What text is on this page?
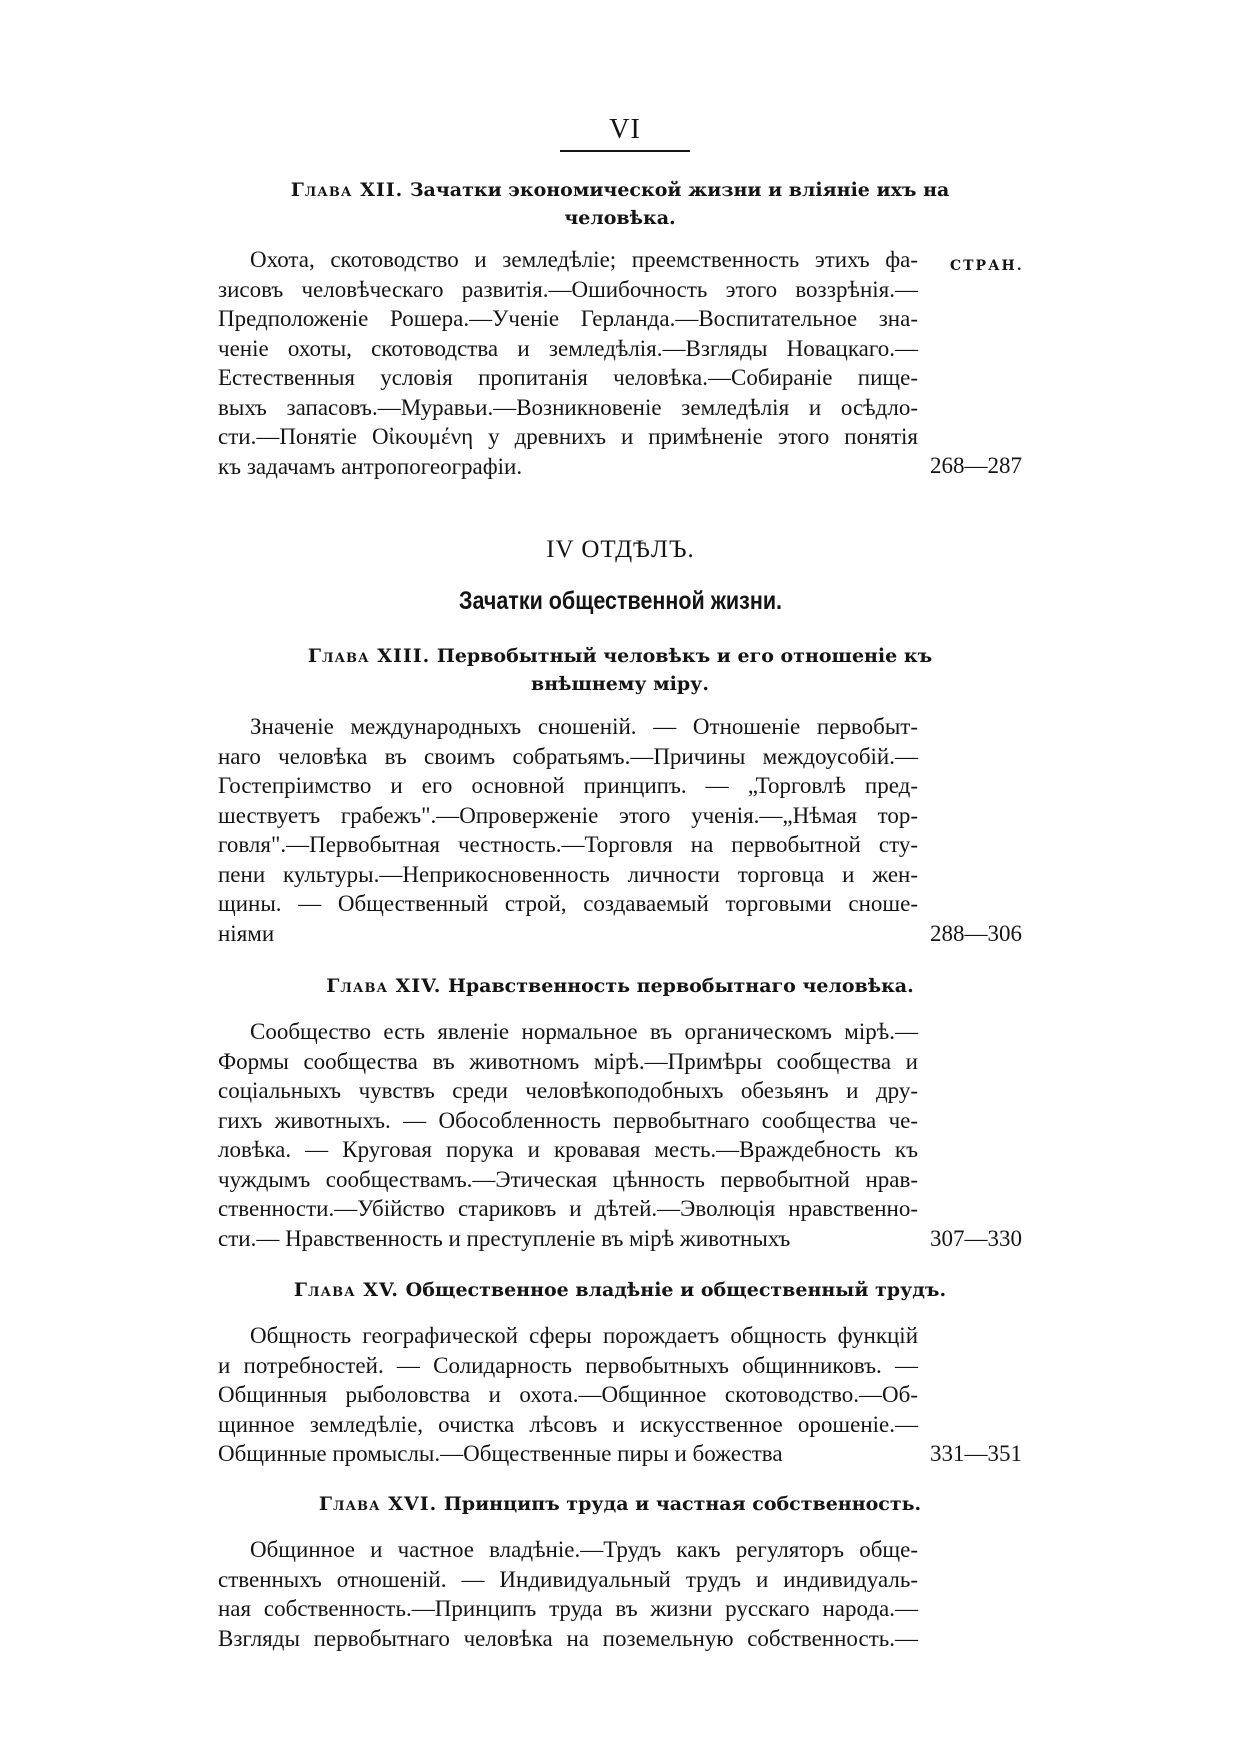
VI
Глава XII. Зачатки экономической жизни и вліяніе ихъ на
человѣка.
СТРАН.
Охота, скотоводство и земледѣліе; преемственность этихъ фа-
зисовъ человѣческаго развитія.—Ошибочность этого воззрѣнія.—
Предположеніе Рошера.—Ученіе Герланда.—Воспитательное зна-
ченіе охоты, скотоводства и земледѣлія.—Взгляды Новацкаго.—
Естественныя условія пропитанія человѣка.—Собираніе пище-
выхъ запасовъ.—Муравьи.—Возникновеніе земледѣлія и осѣдло-
сти.—Понятіе Οἰκουμένη у древнихъ и примѣненіе этого понятія
къ задачамъ антропогеографіи.	268—287
IV ОТДѢЛЪ.
Зачатки общественной жизни.
Глава XIII. Первобытный человѣкъ и его отношеніе къ
внѣшнему міру.
Значеніе международныхъ сношеній. — Отношеніе первобыт-
наго человѣка въ своимъ собратьямъ.—Причины междоусобій.—
Гостепріимство и его основной принципъ. — „Торговлѣ пред-
шествуетъ грабежъ".—Опроверженіе этого ученія.—„Нѣмая тор-
говля".—Первобытная честность.—Торговля на первобытной сту-
пени культуры.—Неприкосновенность личности торговца и жен-
щины. — Общественный строй, создаваемый торговыми сноше-
ніями	288—306
Глава XIV. Нравственность первобытнаго человѣка.
Сообщество есть явленіе нормальное въ органическомъ мірѣ.—
Формы сообщества въ животномъ мірѣ.—Примѣры сообщества и
соціальныхъ чувствъ среди человѣкоподобныхъ обезьянъ и дру-
гихъ животныхъ. — Обособленность первобытнаго сообщества че-
ловѣка. — Круговая порука и кровавая месть.—Враждебность къ
чуждымъ сообществамъ.—Этическая цѣнность первобытной нрав-
ственности.—Убійство стариковъ и дѣтей.—Эволюція нравственно-
сти.— Нравственность и преступленіе въ мірѣ животныхъ	307—330
Глава XV. Общественное владѣніе и общественный трудъ.
Общность географической сферы порождаетъ общность функцій
и потребностей. — Солидарность первобытныхъ общинниковъ. —
Общинныя рыболовства и охота.—Общинное скотоводство.—Об-
щинное земледѣліе, очистка лѣсовъ и искусственное орошеніе.—
Общинные промыслы.—Общественные пиры и божества	331—351
Глава XVI. Принципъ труда и частная собственность.
Общинное и частное владѣніе.—Трудъ какъ регуляторъ обще-
ственныхъ отношеній. — Индивидуальный трудъ и индивидуаль-
ная собственность.—Принципъ труда въ жизни русскаго народа.—
Взгляды первобытнаго человѣка на поземельную собственность.—
